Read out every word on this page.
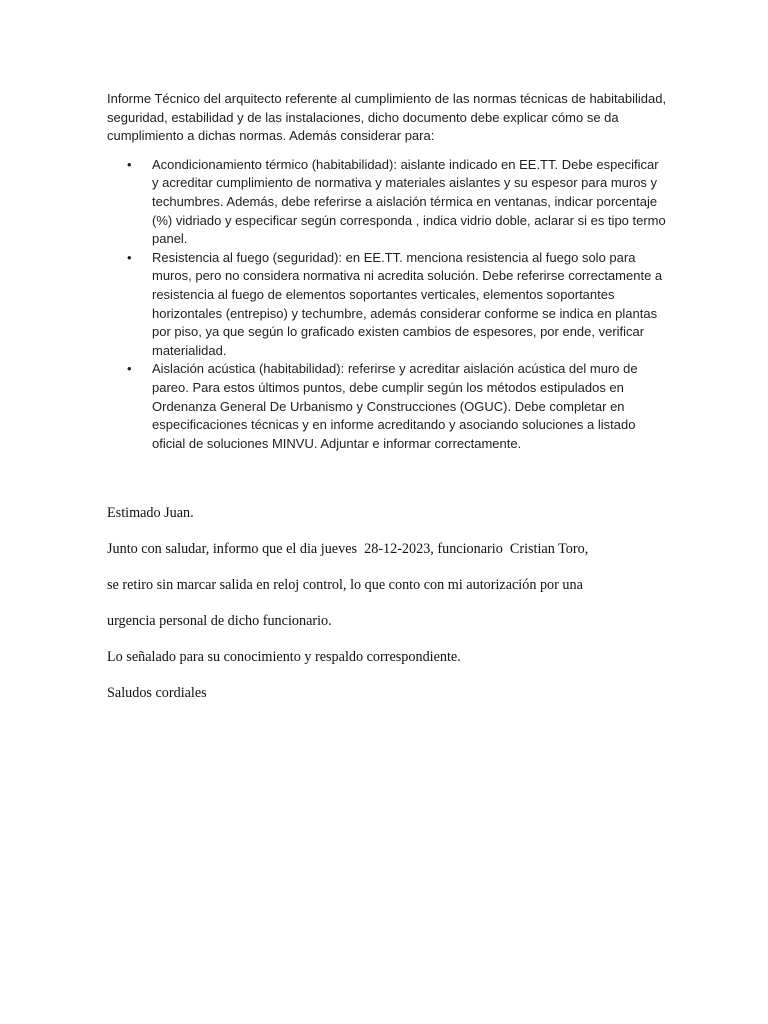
Informe Técnico del arquitecto referente al cumplimiento de las normas técnicas de habitabilidad, seguridad, estabilidad y de las instalaciones, dicho documento debe explicar cómo se da cumplimiento a dichas normas. Además considerar para:

• Acondicionamiento térmico (habitabilidad): aislante indicado en EE.TT. Debe especificar y acreditar cumplimiento de normativa y materiales aislantes y su espesor para muros y techumbres. Además, debe referirse a aislación térmica en ventanas, indicar porcentaje (%) vidriado y especificar según corresponda , indica vidrio doble, aclarar si es tipo termo panel.
• Resistencia al fuego (seguridad): en EE.TT. menciona resistencia al fuego solo para muros, pero no considera normativa ni acredita solución. Debe referirse correctamente a resistencia al fuego de elementos soportantes verticales, elementos soportantes horizontales (entrepiso) y techumbre, además considerar conforme se indica en plantas por piso, ya que según lo graficado existen cambios de espesores, por ende, verificar materialidad.
• Aislación acústica (habitabilidad): referirse y acreditar aislación acústica del muro de pareo. Para estos últimos puntos, debe cumplir según los métodos estipulados en Ordenanza General De Urbanismo y Construcciones (OGUC). Debe completar en especificaciones técnicas y en informe acreditando y asociando soluciones a listado oficial de soluciones MINVU. Adjuntar e informar correctamente.

Estimado Juan.

Junto con saludar, informo que el dia jueves  28-12-2023, funcionario  Cristian Toro,

se retiro sin marcar salida en reloj control, lo que conto con mi autorización por una

urgencia personal de dicho funcionario.

Lo señalado para su conocimiento y respaldo correspondiente.

Saludos cordiales
